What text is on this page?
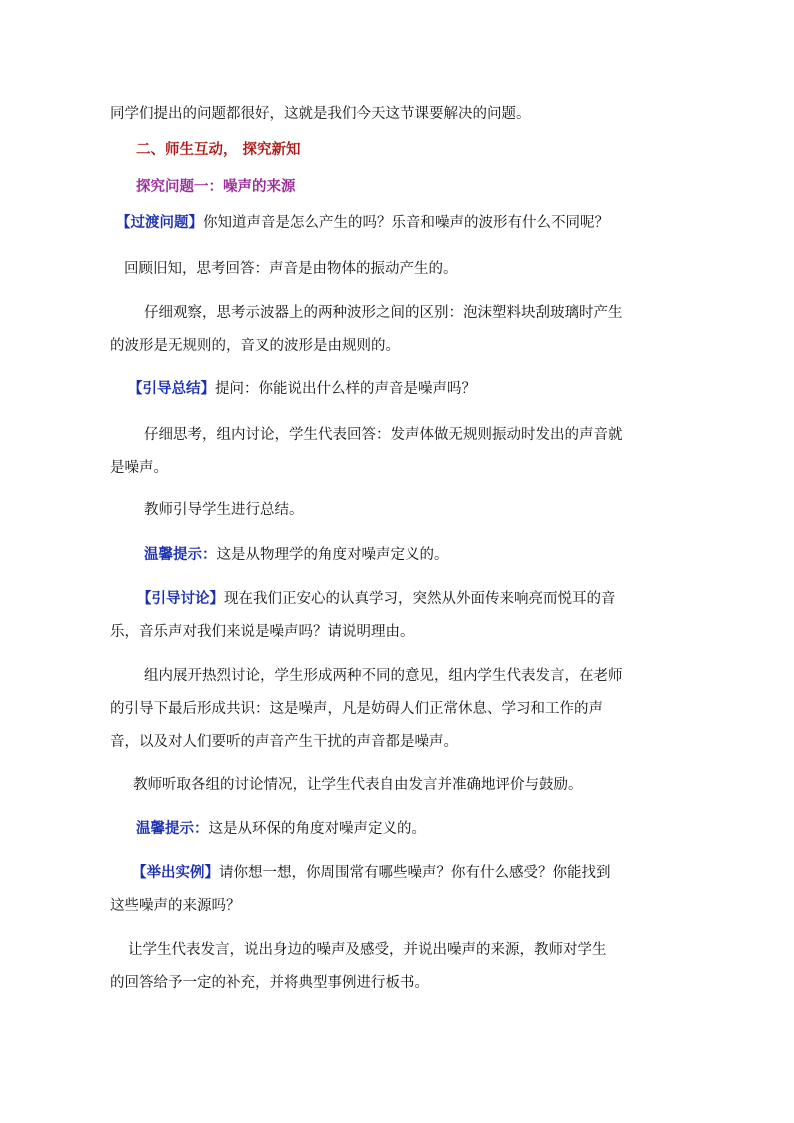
同学们提出的问题都很好，这就是我们今天这节课要解决的问题。
二、师生互动， 探究新知
探究问题一：噪声的来源
【过渡问题】你知道声音是怎么产生的吗？乐音和噪声的波形有什么不同呢？
回顾旧知，思考回答：声音是由物体的振动产生的。
仔细观察，思考示波器上的两种波形之间的区别：泡沫塑料块刮玻璃时产生
的波形是无规则的，音叉的波形是由规则的。
【引导总结】提问：你能说出什么样的声音是噪声吗？
仔细思考，组内讨论，学生代表回答：发声体做无规则振动时发出的声音就
是噪声。
教师引导学生进行总结。
温馨提示：这是从物理学的角度对噪声定义的。
【引导讨论】现在我们正安心的认真学习，突然从外面传来响亮而悦耳的音
乐，音乐声对我们来说是噪声吗？请说明理由。
组内展开热烈讨论，学生形成两种不同的意见，组内学生代表发言，在老师
的引导下最后形成共识：这是噪声，凡是妨碍人们正常休息、学习和工作的声
音，以及对人们要听的声音产生干扰的声音都是噪声。
教师听取各组的讨论情况，让学生代表自由发言并准确地评价与鼓励。
温馨提示：这是从环保的角度对噪声定义的。
【举出实例】请你想一想，你周围常有哪些噪声？你有什么感受？你能找到
这些噪声的来源吗？
让学生代表发言，说出身边的噪声及感受，并说出噪声的来源，教师对学生
的回答给予一定的补充，并将典型事例进行板书。
